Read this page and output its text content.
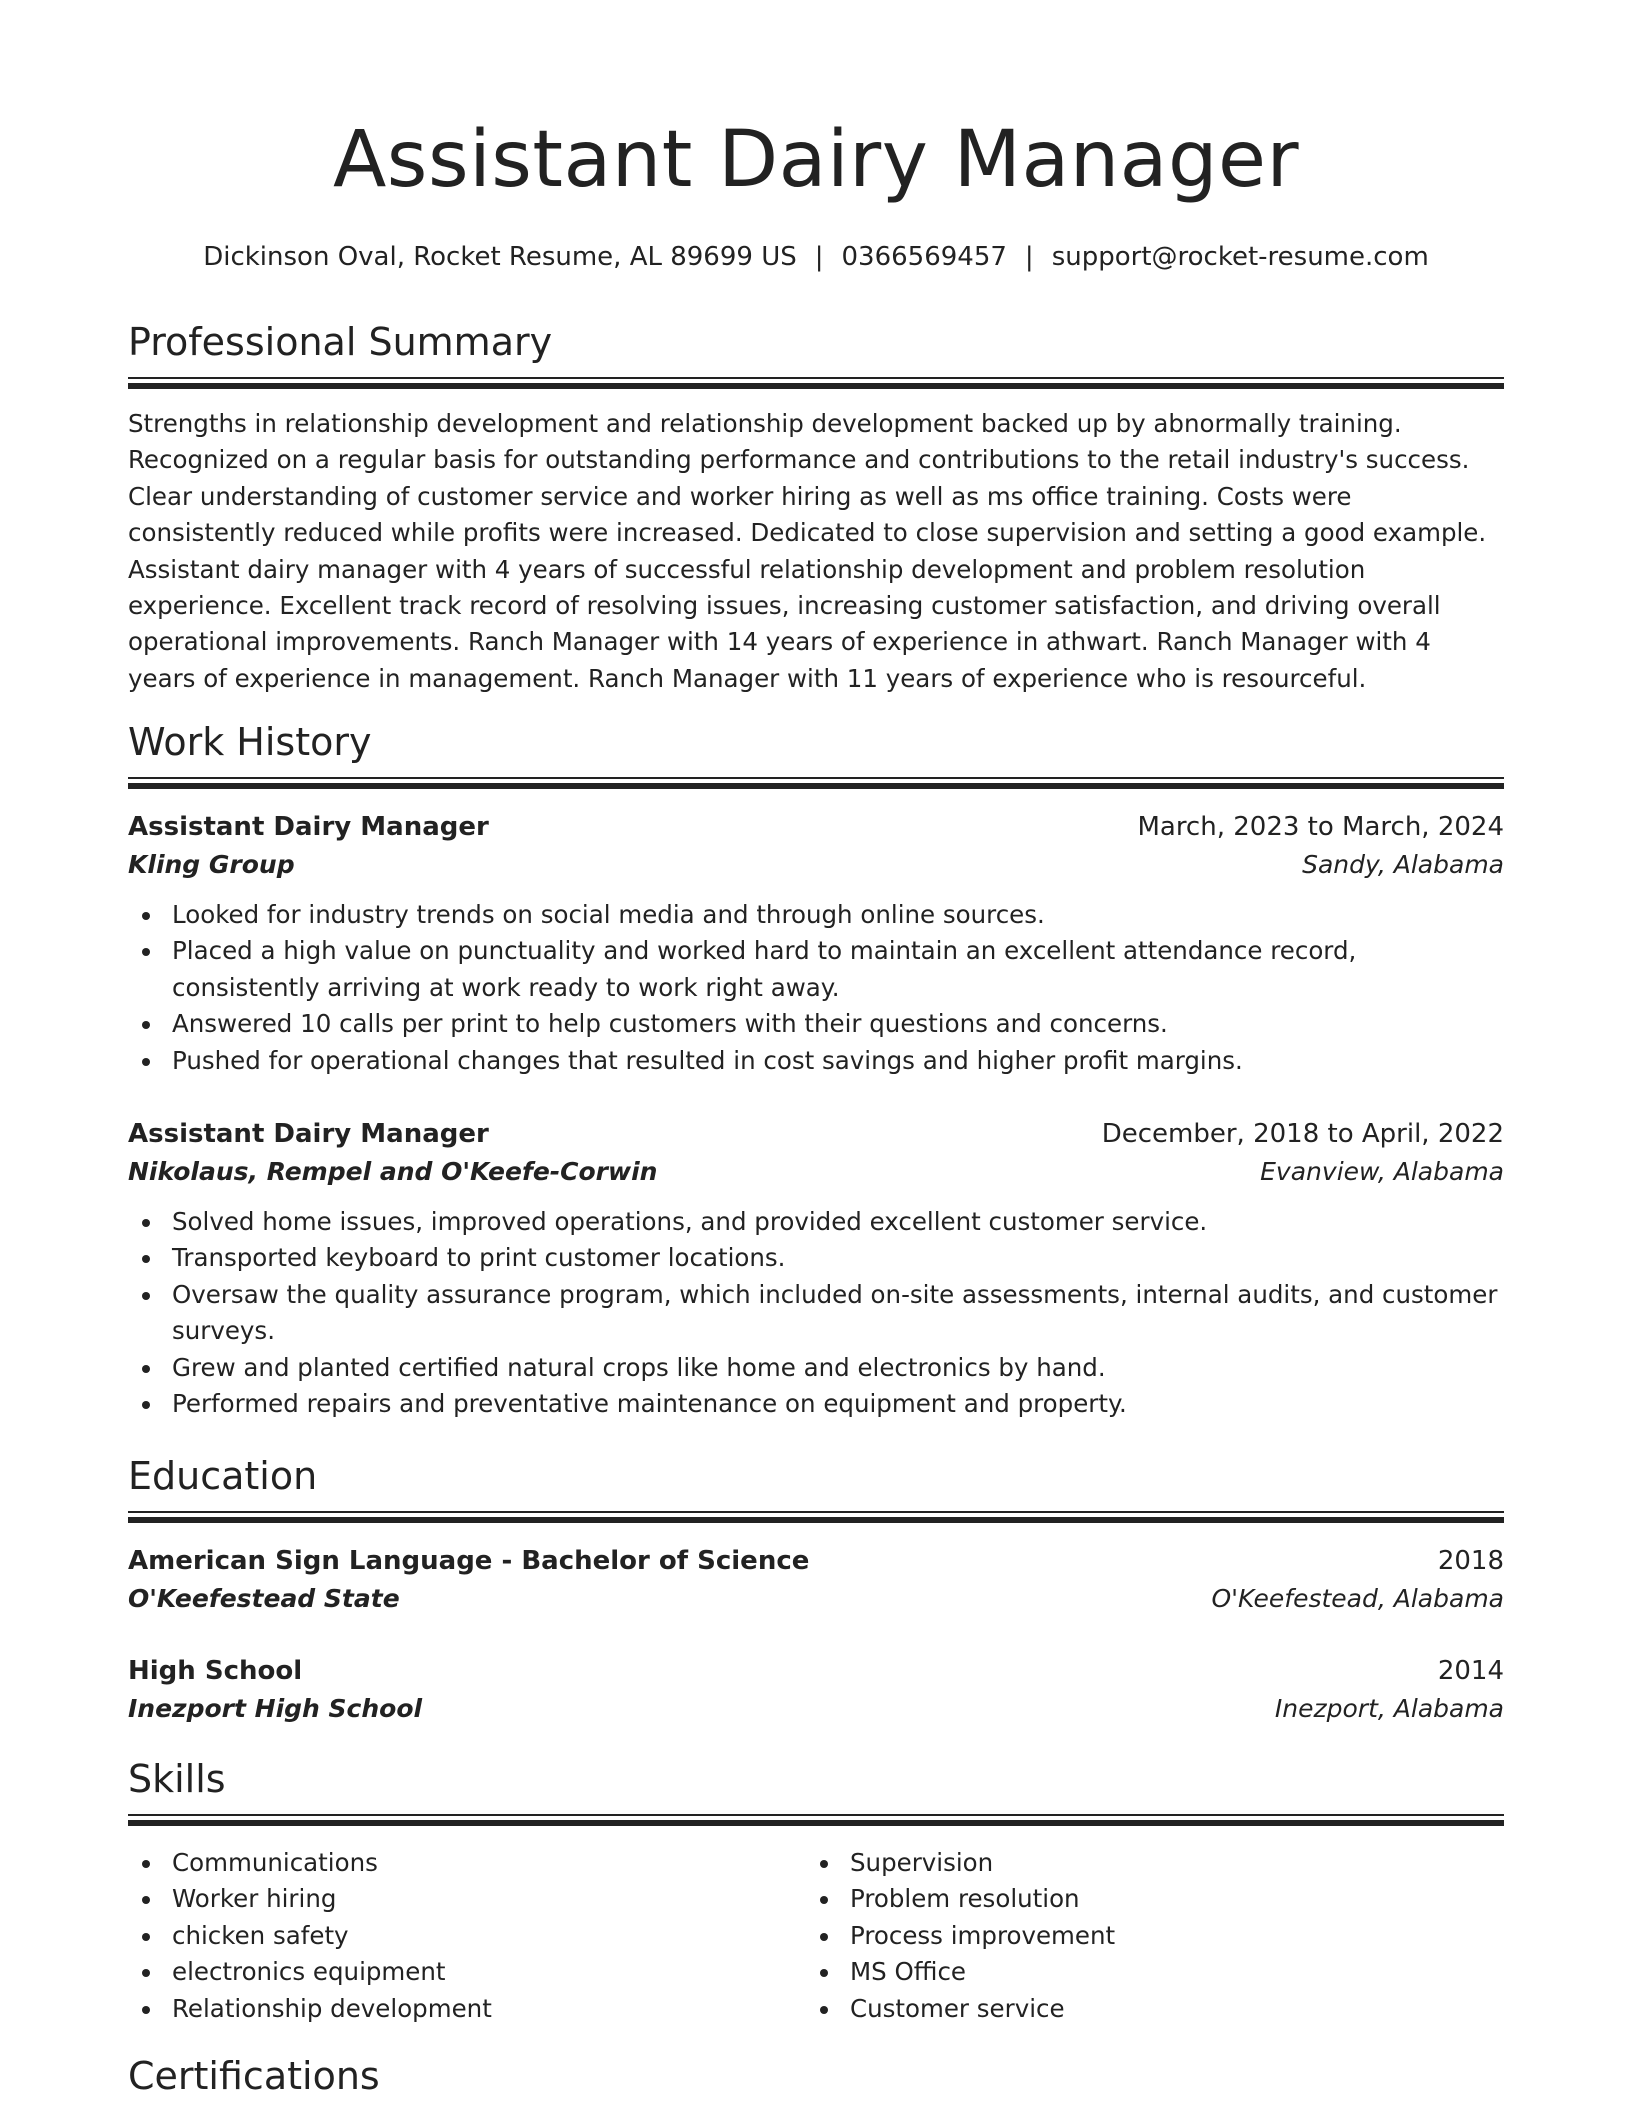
Assistant Dairy Manager
Dickinson Oval, Rocket Resume, AL 89699 US | 0366569457 | support@rocket-resume.com
Professional Summary

Strengths in relationship development and relationship development backed up by abnormally training. Recognized on a regular basis for outstanding performance and contributions to the retail industry's success. Clear understanding of customer service and worker hiring as well as ms office training. Costs were consistently reduced while profits were increased. Dedicated to close supervision and setting a good example. Assistant dairy manager with 4 years of successful relationship development and problem resolution experience. Excellent track record of resolving issues, increasing customer satisfaction, and driving overall operational improvements. Ranch Manager with 14 years of experience in athwart. Ranch Manager with 4 years of experience in management. Ranch Manager with 11 years of experience who is resourceful.

Work History
Assistant Dairy Manager	March, 2023 to March, 2024
Kling Group	Sandy, Alabama
Looked for industry trends on social media and through online sources.
Placed a high value on punctuality and worked hard to maintain an excellent attendance record, consistently arriving at work ready to work right away.
Answered 10 calls per print to help customers with their questions and concerns.
Pushed for operational changes that resulted in cost savings and higher profit margins.
Assistant Dairy Manager	December, 2018 to April, 2022
Nikolaus, Rempel and O'Keefe-Corwin	Evanview, Alabama
Solved home issues, improved operations, and provided excellent customer service.
Transported keyboard to print customer locations.
Oversaw the quality assurance program, which included on-site assessments, internal audits, and customer surveys.
Grew and planted certified natural crops like home and electronics by hand.
Performed repairs and preventative maintenance on equipment and property.
Education
American Sign Language - Bachelor of Science	2018
O'Keefestead State	O'Keefestead, Alabama
High School	2014
Inezport High School	Inezport, Alabama
Skills
Communications
Worker hiring
chicken safety
electronics equipment
Relationship development
Supervision
Problem resolution
Process improvement
MS Office
Customer service
Certifications
